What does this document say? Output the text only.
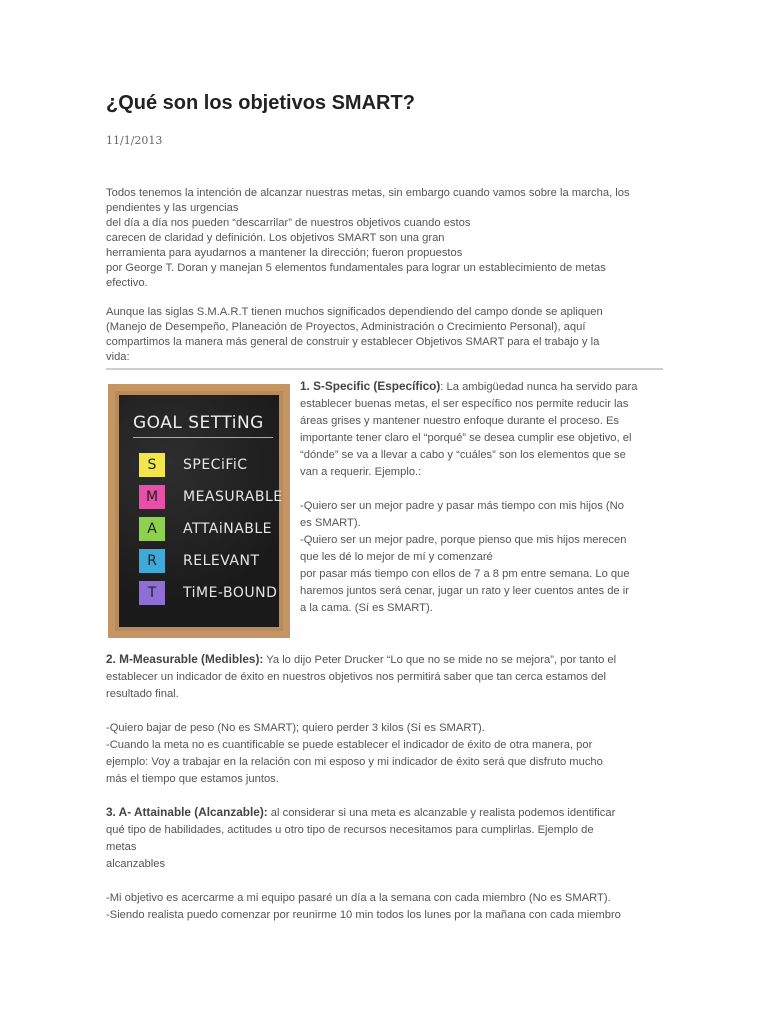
¿Qué son los objetivos SMART?
11/1/2013
Todos tenemos la intención de alcanzar nuestras metas, sin embargo cuando vamos sobre la marcha, los
pendientes y las urgencias
del día a día nos pueden “descarrilar” de nuestros objetivos cuando estos
carecen de claridad y definición. Los objetivos SMART son una gran
herramienta para ayudarnos a mantener la dirección; fueron propuestos
por George T. Doran y manejan 5 elementos fundamentales para lograr un establecimiento de metas
efectivo.
Aunque las siglas S.M.A.R.T tienen muchos significados dependiendo del campo donde se apliquen
(Manejo de Desempeño, Planeación de Proyectos, Administración o Crecimiento Personal), aquí
compartimos la manera más general de construir y establecer Objetivos SMART para el trabajo y la
vida:
GOAL SETTiNG
S	SPECiFiC
M	MEASURABLE
A	ATTAiNABLE
R	RELEVANT
T	TiME-BOUND
1. S-Specific (Específico): La ambigüedad nunca ha servido para
establecer buenas metas, el ser específico nos permite reducir las
áreas grises y mantener nuestro enfoque durante el proceso. Es
importante tener claro el “porqué” se desea cumplir ese objetivo, el
“dónde” se va a llevar a cabo y “cuáles” son los elementos que se
van a requerir. Ejemplo.:

-Quiero ser un mejor padre y pasar más tiempo con mis hijos (No
es SMART).
-Quiero ser un mejor padre, porque pienso que mis hijos merecen
que les dé lo mejor de mí y comenzaré
por pasar más tiempo con ellos de 7 a 8 pm entre semana. Lo que
haremos juntos será cenar, jugar un rato y leer cuentos antes de ir
a la cama. (Sí es SMART).
2. M-Measurable (Medibles): Ya lo dijo Peter Drucker “Lo que no se mide no se mejora”, por tanto el
establecer un indicador de éxito en nuestros objetivos nos permitirá saber que tan cerca estamos del
resultado final.

-Quiero bajar de peso (No es SMART); quiero perder 3 kilos (Sí es SMART).
-Cuando la meta no es cuantificable se puede establecer el indicador de éxito de otra manera, por
ejemplo: Voy a trabajar en la relación con mi esposo y mi indicador de éxito será que disfruto mucho
más el tiempo que estamos juntos.
3. A- Attainable (Alcanzable): al considerar si una meta es alcanzable y realista podemos identificar
qué tipo de habilidades, actitudes u otro tipo de recursos necesitamos para cumplirlas. Ejemplo de
metas
alcanzables

-Mi objetivo es acercarme a mi equipo pasaré un día a la semana con cada miembro (No es SMART).
-Siendo realista puedo comenzar por reunirme 10 min todos los lunes por la mañana con cada miembro
